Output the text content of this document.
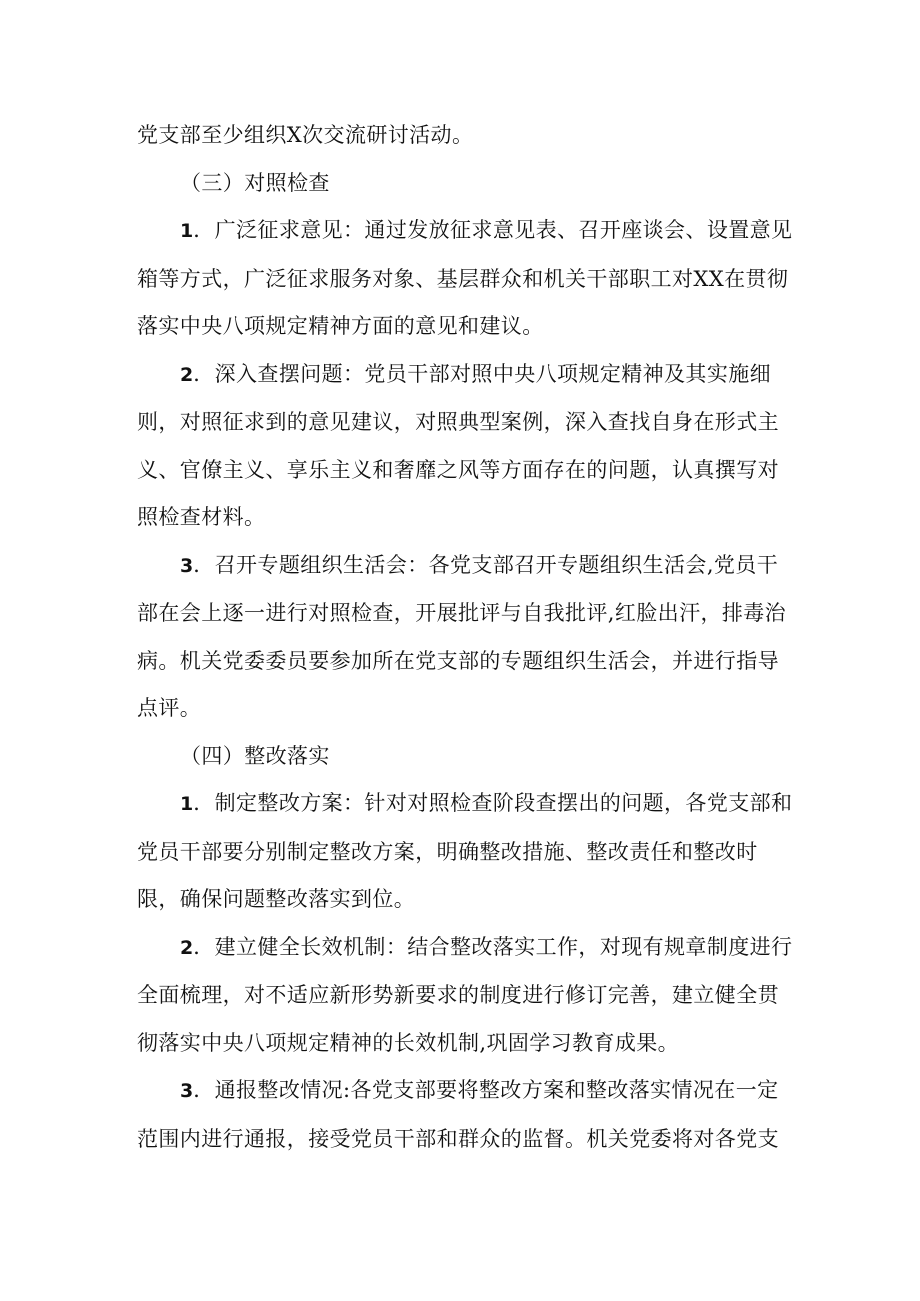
党支部至少组织X次交流研讨活动。

（三）对照检查

1．广泛征求意见：通过发放征求意见表、召开座谈会、设置意见箱等方式，广泛征求服务对象、基层群众和机关干部职工对XX在贯彻落实中央八项规定精神方面的意见和建议。

2．深入查摆问题：党员干部对照中央八项规定精神及其实施细则，对照征求到的意见建议，对照典型案例，深入查找自身在形式主义、官僚主义、享乐主义和奢靡之风等方面存在的问题，认真撰写对照检查材料。

3．召开专题组织生活会：各党支部召开专题组织生活会,党员干部在会上逐一进行对照检查，开展批评与自我批评,红脸出汗，排毒治病。机关党委委员要参加所在党支部的专题组织生活会，并进行指导点评。

（四）整改落实

1．制定整改方案：针对对照检查阶段查摆出的问题，各党支部和党员干部要分别制定整改方案，明确整改措施、整改责任和整改时限，确保问题整改落实到位。

2．建立健全长效机制：结合整改落实工作，对现有规章制度进行全面梳理，对不适应新形势新要求的制度进行修订完善，建立健全贯彻落实中央八项规定精神的长效机制,巩固学习教育成果。

3．通报整改情况:各党支部要将整改方案和整改落实情况在一定范围内进行通报，接受党员干部和群众的监督。机关党委将对各党支
